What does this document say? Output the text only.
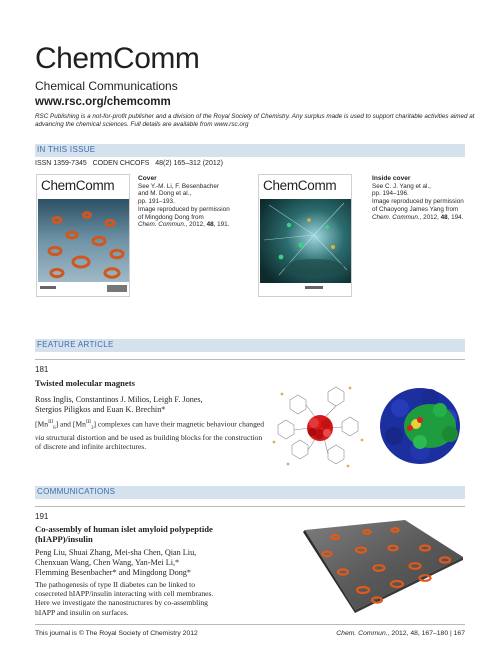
ChemComm
Chemical Communications
www.rsc.org/chemcomm
RSC Publishing is a not-for-profit publisher and a division of the Royal Society of Chemistry. Any surplus made is used to support charitable activities aimed at advancing the chemical sciences. Full details are available from www.rsc.org
IN THIS ISSUE
ISSN 1359-7345 CODEN CHCOFS 48(2) 165–312 (2012)
ChemComm	Cover
See Y.-M. Li, F. Besenbacher
and M. Dong et al.,
pp. 191–193.
Image reproduced by permission
of Mingdong Dong from
Chem. Commun., 2012, 48, 191.
ChemComm	Inside cover
See C. J. Yang et al.,
pp. 194–196.
Image reproduced by permission
of Chaoyong James Yang from
Chem. Commun., 2012, 48, 194.
FEATURE ARTICLE
181
Twisted molecular magnets
Ross Inglis, Constantinos J. Milios, Leigh F. Jones,
Stergios Piligkos and Euan K. Brechin*
$[Mn^{III}_6]$ and $[Mn^{III}_3]$ complexes can have their magnetic behaviour changed via structural distortion and be used as building blocks for the construction of discrete and infinite architectures.
COMMUNICATIONS
191
Co-assembly of human islet amyloid polypeptide
(hIAPP)/insulin
Peng Liu, Shuai Zhang, Mei-sha Chen, Qian Liu,
Chenxuan Wang, Chen Wang, Yan-Mei Li,*
Flemming Besenbacher* and Mingdong Dong*
The pathogenesis of type II diabetes can be linked to
cosecreted hIAPP/insulin interacting with cell membranes.
Here we investigate the nanostructures by co-assembling
hIAPP and insulin on surfaces.
This journal is © The Royal Society of Chemistry 2012	Chem. Commun., 2012, 48, 167–180 | 167
